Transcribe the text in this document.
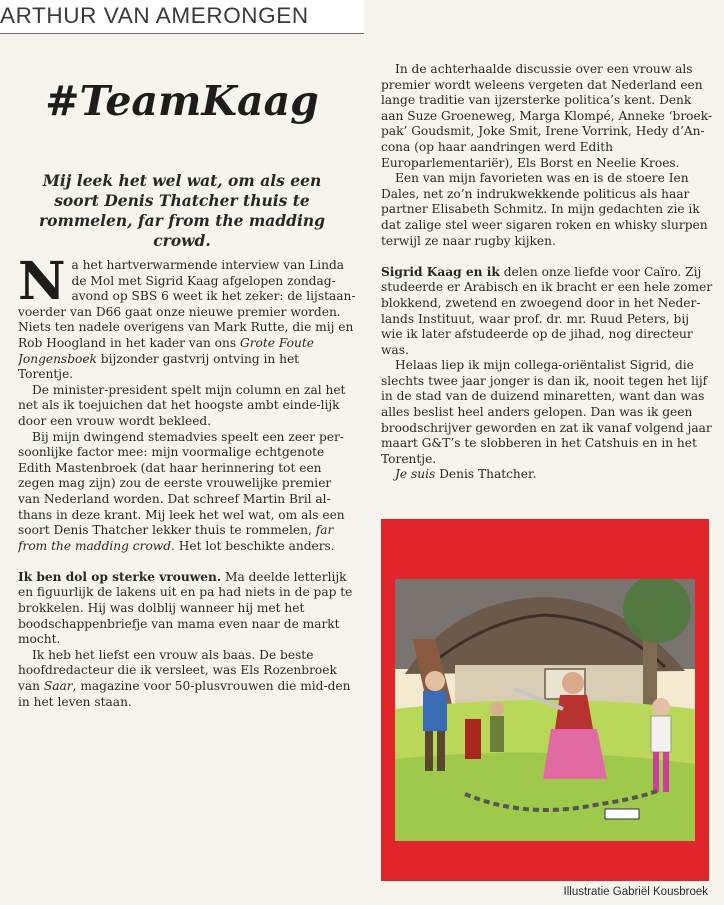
ARTHUR VAN AMERONGEN
#TeamKaag
Mij leek het wel wat, om als een soort Denis Thatcher thuis te rommelen, far from the madding crowd.

Na het hartverwarmende interview van Linda de Mol met Sigrid Kaag afgelopen zondag-avond op SBS 6 weet ik het zeker: de lijstaan-voerder van D66 gaat onze nieuwe premier worden. Niets ten nadele overigens van Mark Rutte, die mij en Rob Hoogland in het kader van ons Grote Foute Jongensboek bijzonder gastvrij ontving in het Torentje.

De minister-president spelt mijn column en zal het net als ik toejuichen dat het hoogste ambt einde-lijk door een vrouw wordt bekleed.

Bij mijn dwingend stemadvies speelt een zeer per-soonlijke factor mee: mijn voormalige echtgenote Edith Mastenbroek (dat haar herinnering tot een zegen mag zijn) zou de eerste vrouwelijke premier van Nederland worden. Dat schreef Martin Bril al-thans in deze krant. Mij leek het wel wat, om als een soort Denis Thatcher lekker thuis te rommelen, far from the madding crowd. Het lot beschikte anders.

Ik ben dol op sterke vrouwen. Ma deelde letterlijk en figuurlijk de lakens uit en pa had niets in de pap te brokkelen. Hij was dolblij wanneer hij met het boodschappenbriefje van mama even naar de markt mocht.

Ik heb het liefst een vrouw als baas. De beste hoofdredacteur die ik versleet, was Els Rozenbroek van Saar, magazine voor 50-plusvrouwen die mid-den in het leven staan.

In de achterhaalde discussie over een vrouw als premier wordt weleens vergeten dat Nederland een lange traditie van ijzersterke politica’s kent. Denk aan Suze Groeneweg, Marga Klompé, Anneke ‘broek-pak’ Goudsmit, Joke Smit, Irene Vorrink, Hedy d’An-cona (op haar aandringen werd Edith Europarlementariër), Els Borst en Neelie Kroes.

Een van mijn favorieten was en is de stoere Ien Dales, net zo’n indrukwekkende politicus als haar partner Elisabeth Schmitz. In mijn gedachten zie ik dat zalige stel weer sigaren roken en whisky slurpen terwijl ze naar rugby kijken.

Sigrid Kaag en ik delen onze liefde voor Caïro. Zij studeerde er Arabisch en ik bracht er een hele zomer blokkend, zwetend en zwoegend door in het Neder-lands Instituut, waar prof. dr. mr. Ruud Peters, bij wie ik later afstudeerde op de jihad, nog directeur was.

Helaas liep ik mijn collega-oriëntalist Sigrid, die slechts twee jaar jonger is dan ik, nooit tegen het lijf in de stad van de duizend minaretten, want dan was alles beslist heel anders gelopen. Dan was ik geen broodschrijver geworden en zat ik vanaf volgend jaar maart G&T’s te slobberen in het Catshuis en in het Torentje.

Je suis Denis Thatcher.

Illustratie Gabriël Kousbroek
